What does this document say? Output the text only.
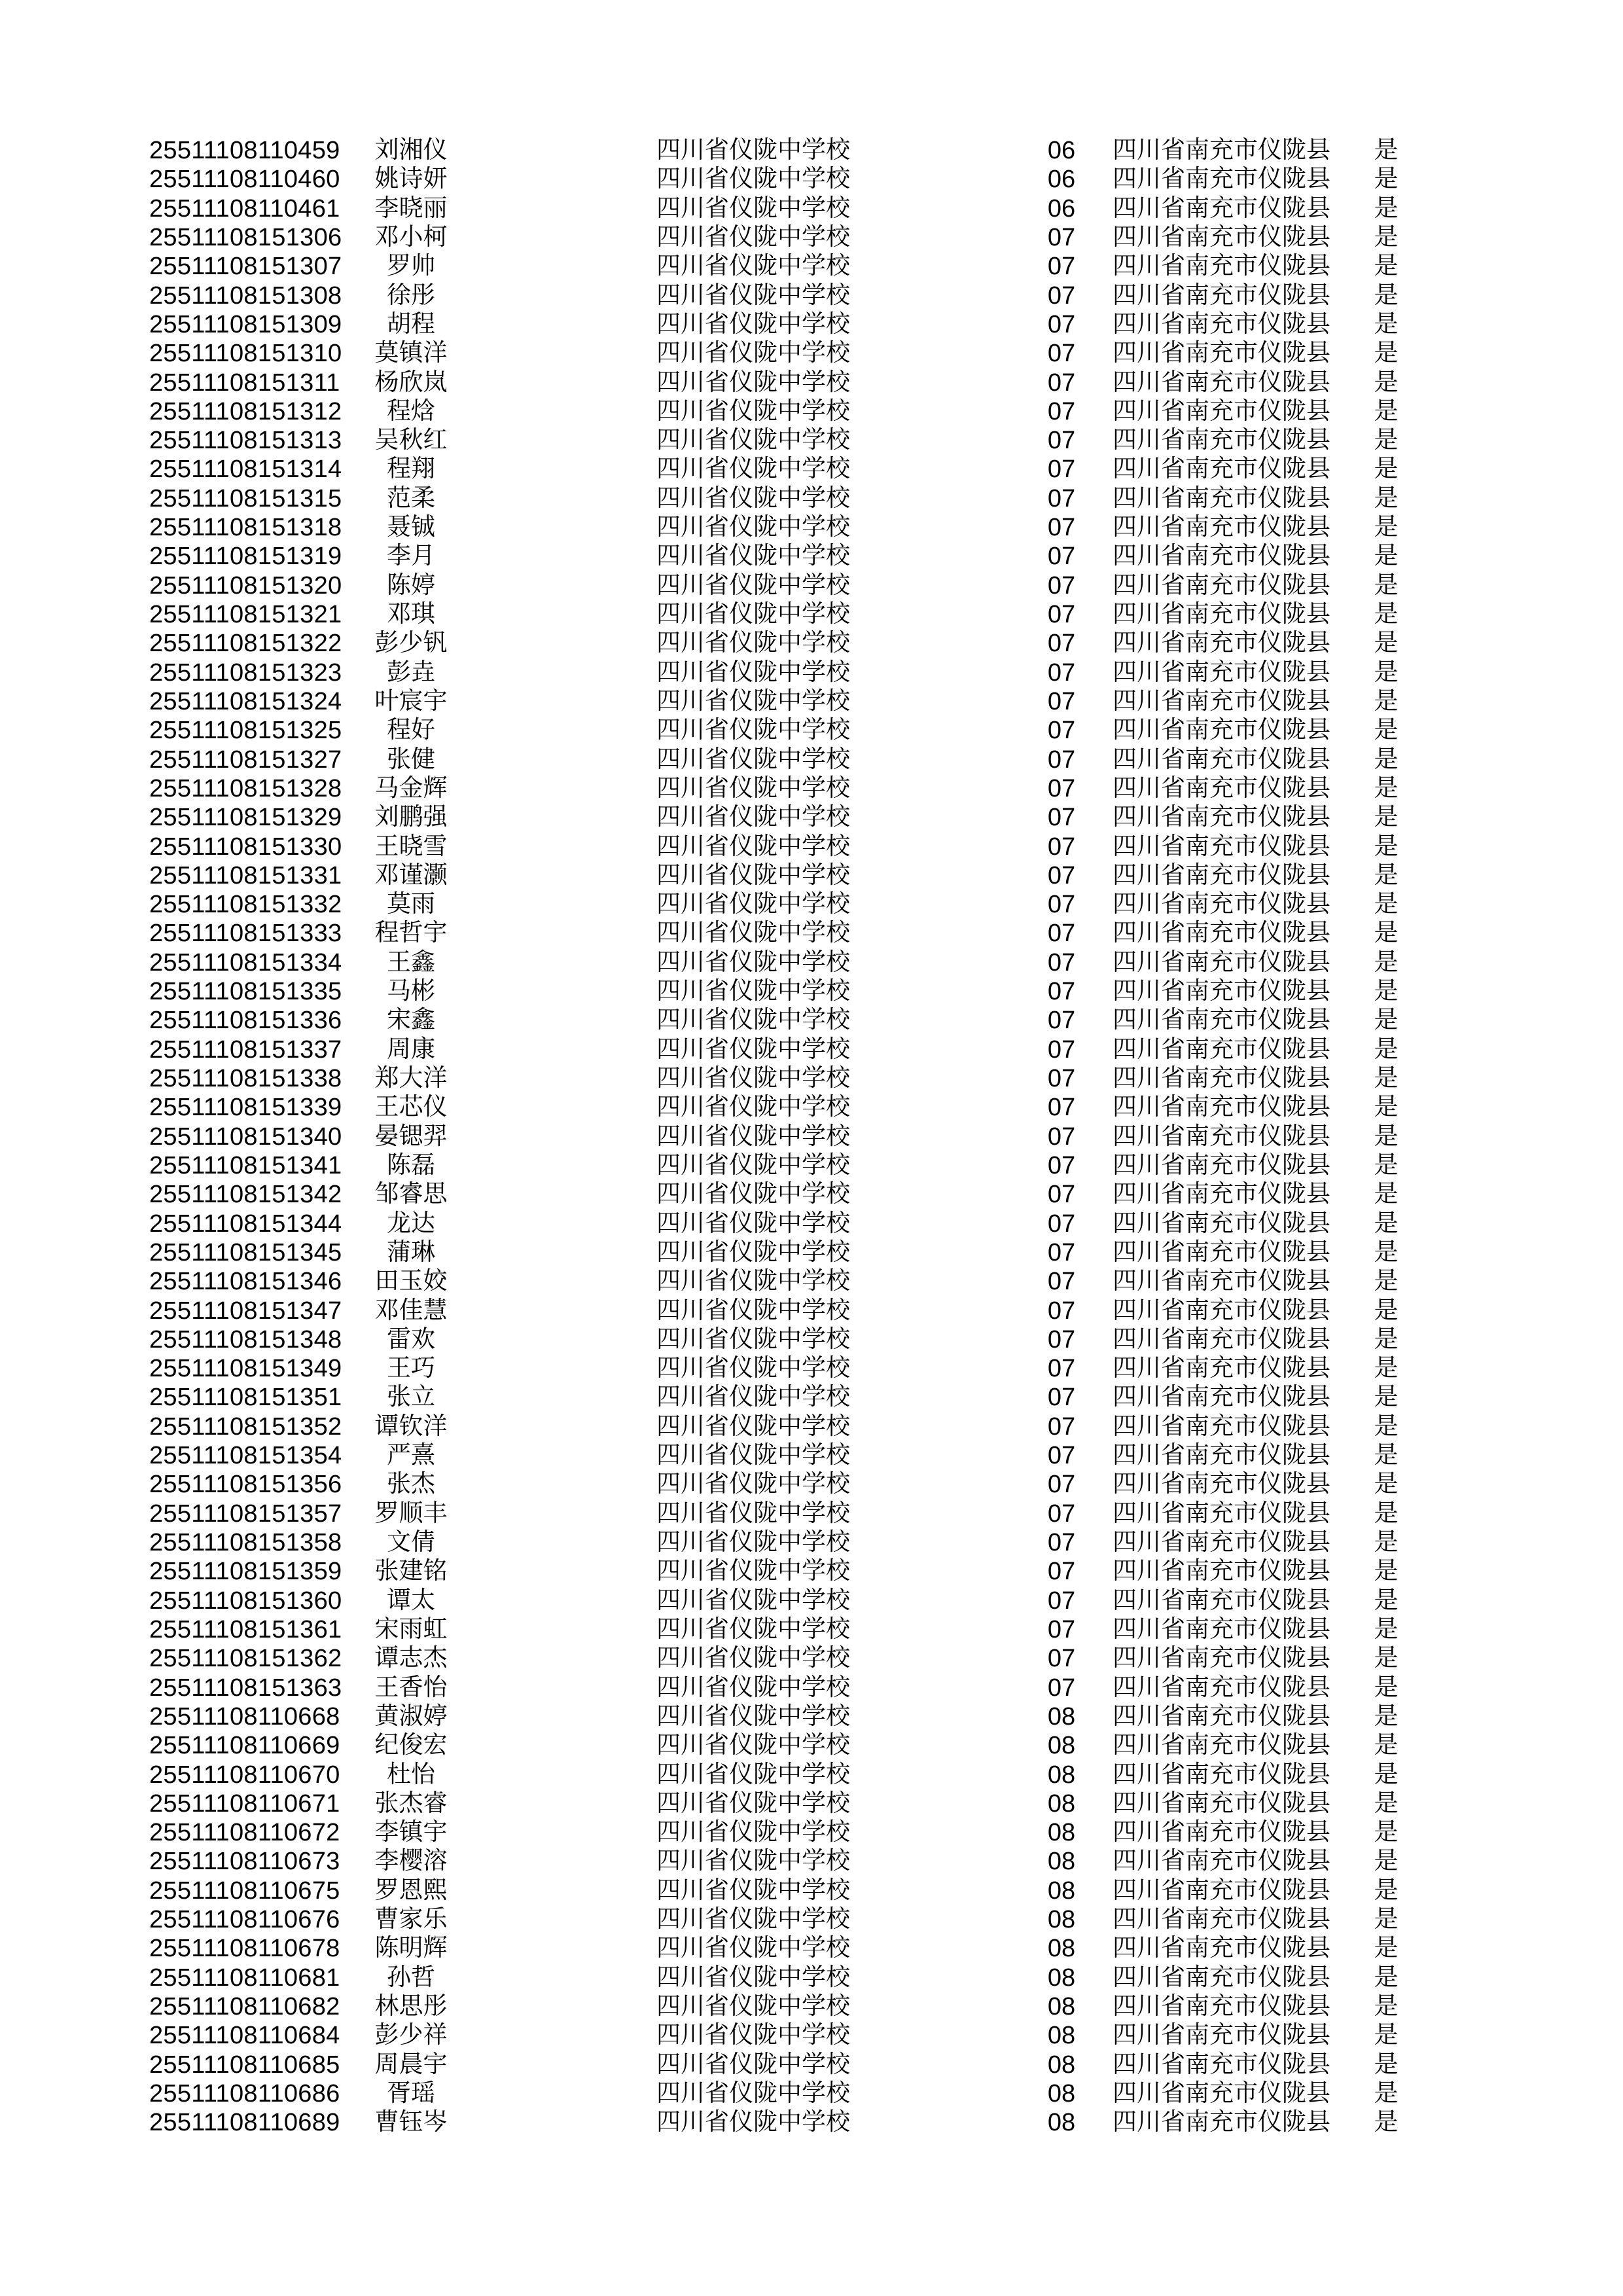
25511108110459	刘湘仪	四川省仪陇中学校	06	四川省南充市仪陇县	是
25511108110460	姚诗妍	四川省仪陇中学校	06	四川省南充市仪陇县	是
25511108110461	李晓丽	四川省仪陇中学校	06	四川省南充市仪陇县	是
25511108151306	邓小柯	四川省仪陇中学校	07	四川省南充市仪陇县	是
25511108151307	罗帅	四川省仪陇中学校	07	四川省南充市仪陇县	是
25511108151308	徐彤	四川省仪陇中学校	07	四川省南充市仪陇县	是
25511108151309	胡程	四川省仪陇中学校	07	四川省南充市仪陇县	是
25511108151310	莫镇洋	四川省仪陇中学校	07	四川省南充市仪陇县	是
25511108151311	杨欣岚	四川省仪陇中学校	07	四川省南充市仪陇县	是
25511108151312	程焓	四川省仪陇中学校	07	四川省南充市仪陇县	是
25511108151313	吴秋红	四川省仪陇中学校	07	四川省南充市仪陇县	是
25511108151314	程翔	四川省仪陇中学校	07	四川省南充市仪陇县	是
25511108151315	范柔	四川省仪陇中学校	07	四川省南充市仪陇县	是
25511108151318	聂铖	四川省仪陇中学校	07	四川省南充市仪陇县	是
25511108151319	李月	四川省仪陇中学校	07	四川省南充市仪陇县	是
25511108151320	陈婷	四川省仪陇中学校	07	四川省南充市仪陇县	是
25511108151321	邓琪	四川省仪陇中学校	07	四川省南充市仪陇县	是
25511108151322	彭少钒	四川省仪陇中学校	07	四川省南充市仪陇县	是
25511108151323	彭垚	四川省仪陇中学校	07	四川省南充市仪陇县	是
25511108151324	叶宸宇	四川省仪陇中学校	07	四川省南充市仪陇县	是
25511108151325	程好	四川省仪陇中学校	07	四川省南充市仪陇县	是
25511108151327	张健	四川省仪陇中学校	07	四川省南充市仪陇县	是
25511108151328	马金辉	四川省仪陇中学校	07	四川省南充市仪陇县	是
25511108151329	刘鹏强	四川省仪陇中学校	07	四川省南充市仪陇县	是
25511108151330	王晓雪	四川省仪陇中学校	07	四川省南充市仪陇县	是
25511108151331	邓谨灏	四川省仪陇中学校	07	四川省南充市仪陇县	是
25511108151332	莫雨	四川省仪陇中学校	07	四川省南充市仪陇县	是
25511108151333	程哲宇	四川省仪陇中学校	07	四川省南充市仪陇县	是
25511108151334	王鑫	四川省仪陇中学校	07	四川省南充市仪陇县	是
25511108151335	马彬	四川省仪陇中学校	07	四川省南充市仪陇县	是
25511108151336	宋鑫	四川省仪陇中学校	07	四川省南充市仪陇县	是
25511108151337	周康	四川省仪陇中学校	07	四川省南充市仪陇县	是
25511108151338	郑大洋	四川省仪陇中学校	07	四川省南充市仪陇县	是
25511108151339	王芯仪	四川省仪陇中学校	07	四川省南充市仪陇县	是
25511108151340	晏锶羿	四川省仪陇中学校	07	四川省南充市仪陇县	是
25511108151341	陈磊	四川省仪陇中学校	07	四川省南充市仪陇县	是
25511108151342	邹睿思	四川省仪陇中学校	07	四川省南充市仪陇县	是
25511108151344	龙达	四川省仪陇中学校	07	四川省南充市仪陇县	是
25511108151345	蒲琳	四川省仪陇中学校	07	四川省南充市仪陇县	是
25511108151346	田玉姣	四川省仪陇中学校	07	四川省南充市仪陇县	是
25511108151347	邓佳慧	四川省仪陇中学校	07	四川省南充市仪陇县	是
25511108151348	雷欢	四川省仪陇中学校	07	四川省南充市仪陇县	是
25511108151349	王巧	四川省仪陇中学校	07	四川省南充市仪陇县	是
25511108151351	张立	四川省仪陇中学校	07	四川省南充市仪陇县	是
25511108151352	谭钦洋	四川省仪陇中学校	07	四川省南充市仪陇县	是
25511108151354	严熹	四川省仪陇中学校	07	四川省南充市仪陇县	是
25511108151356	张杰	四川省仪陇中学校	07	四川省南充市仪陇县	是
25511108151357	罗顺丰	四川省仪陇中学校	07	四川省南充市仪陇县	是
25511108151358	文倩	四川省仪陇中学校	07	四川省南充市仪陇县	是
25511108151359	张建铭	四川省仪陇中学校	07	四川省南充市仪陇县	是
25511108151360	谭太	四川省仪陇中学校	07	四川省南充市仪陇县	是
25511108151361	宋雨虹	四川省仪陇中学校	07	四川省南充市仪陇县	是
25511108151362	谭志杰	四川省仪陇中学校	07	四川省南充市仪陇县	是
25511108151363	王香怡	四川省仪陇中学校	07	四川省南充市仪陇县	是
25511108110668	黄淑婷	四川省仪陇中学校	08	四川省南充市仪陇县	是
25511108110669	纪俊宏	四川省仪陇中学校	08	四川省南充市仪陇县	是
25511108110670	杜怡	四川省仪陇中学校	08	四川省南充市仪陇县	是
25511108110671	张杰睿	四川省仪陇中学校	08	四川省南充市仪陇县	是
25511108110672	李镇宇	四川省仪陇中学校	08	四川省南充市仪陇县	是
25511108110673	李樱溶	四川省仪陇中学校	08	四川省南充市仪陇县	是
25511108110675	罗恩熙	四川省仪陇中学校	08	四川省南充市仪陇县	是
25511108110676	曹家乐	四川省仪陇中学校	08	四川省南充市仪陇县	是
25511108110678	陈明辉	四川省仪陇中学校	08	四川省南充市仪陇县	是
25511108110681	孙哲	四川省仪陇中学校	08	四川省南充市仪陇县	是
25511108110682	林思彤	四川省仪陇中学校	08	四川省南充市仪陇县	是
25511108110684	彭少祥	四川省仪陇中学校	08	四川省南充市仪陇县	是
25511108110685	周晨宇	四川省仪陇中学校	08	四川省南充市仪陇县	是
25511108110686	胥瑶	四川省仪陇中学校	08	四川省南充市仪陇县	是
25511108110689	曹钰岑	四川省仪陇中学校	08	四川省南充市仪陇县	是
